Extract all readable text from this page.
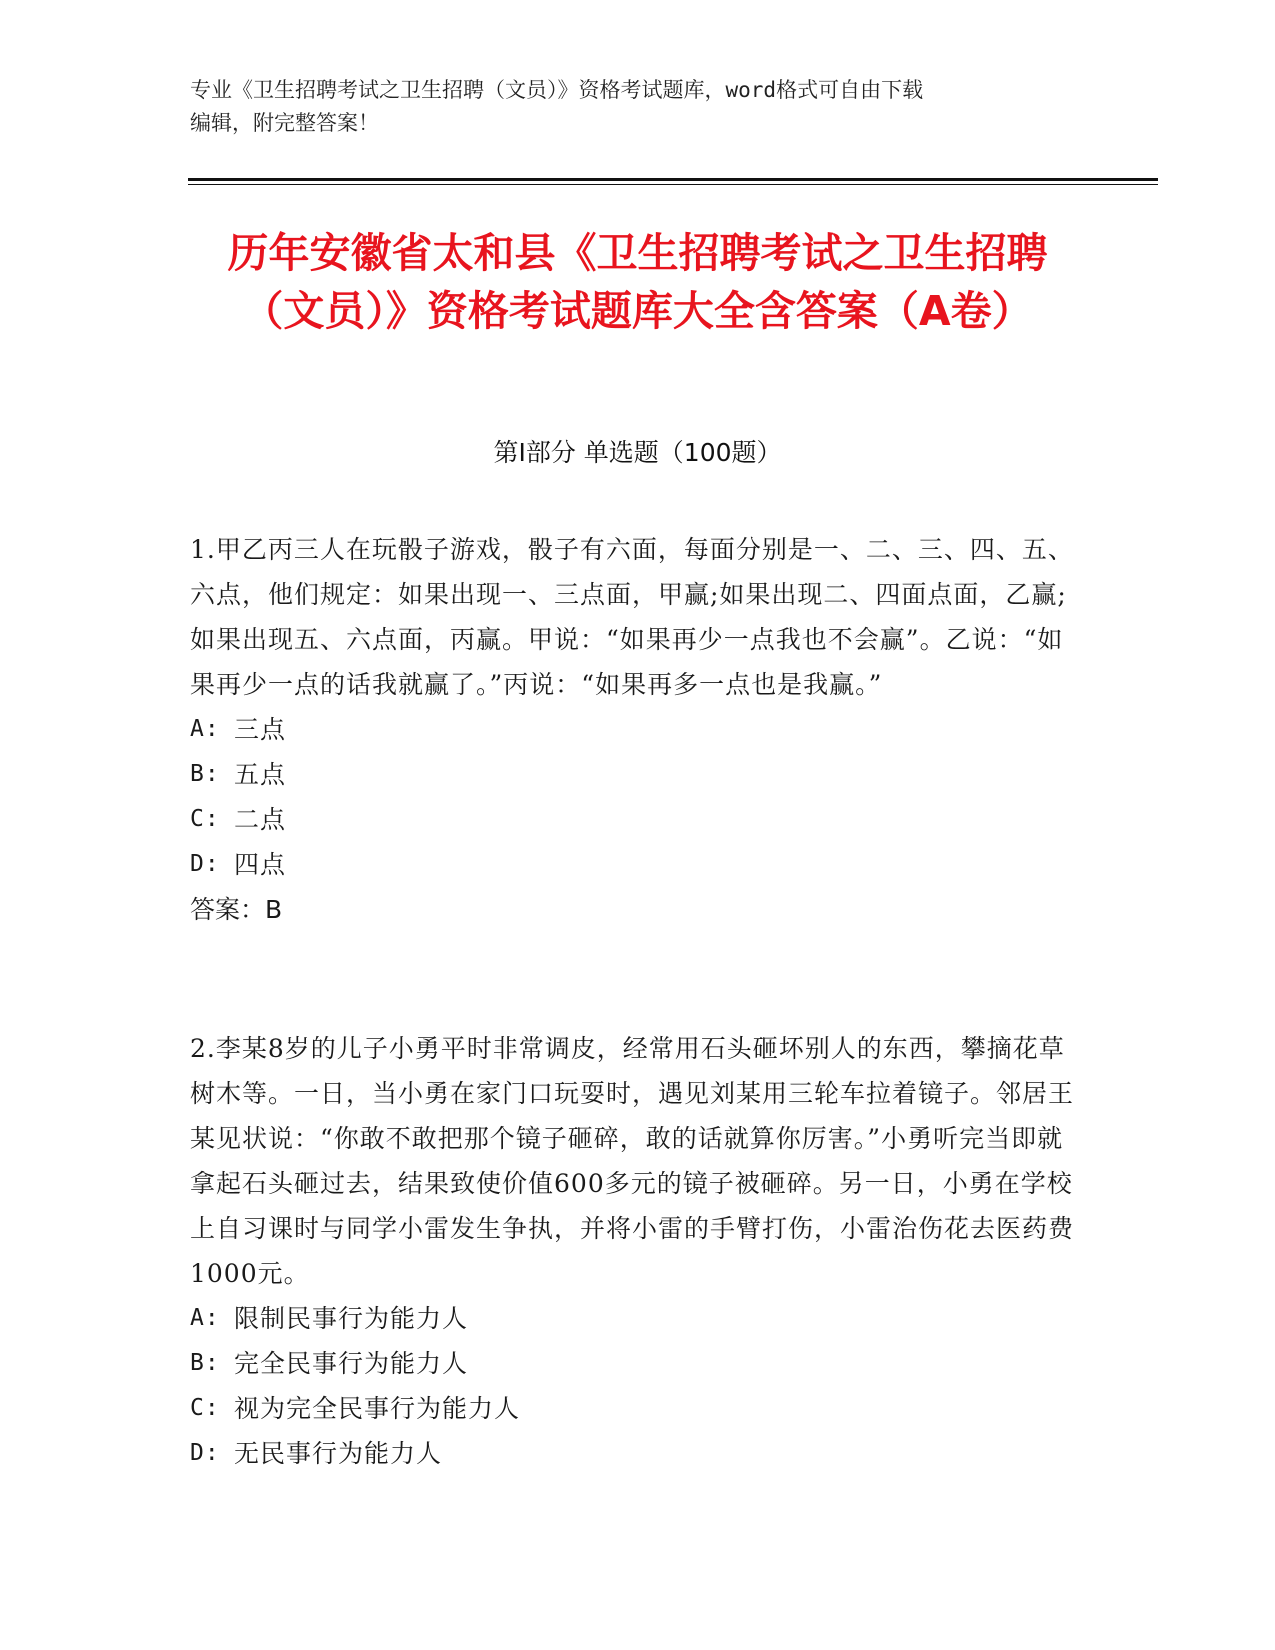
专业《卫生招聘考试之卫生招聘（文员）》资格考试题库，word格式可自由下载
编辑，附完整答案！
历年安徽省太和县《卫生招聘考试之卫生招聘（文员）》资格考试题库大全含答案（A卷）
第Ⅰ部分 单选题（100题）

1.甲乙丙三人在玩骰子游戏，骰子有六面，每面分别是一、二、三、四、五、六点，他们规定：如果出现一、三点面，甲赢;如果出现二、四面点面，乙赢;如果出现五、六点面，丙赢。甲说：“如果再少一点我也不会赢”。乙说：“如果再少一点的话我就赢了。”丙说：“如果再多一点也是我赢。”

A: 三点
B: 五点
C: 二点
D: 四点

答案：B

2.李某8岁的儿子小勇平时非常调皮，经常用石头砸坏别人的东西，攀摘花草树木等。一日，当小勇在家门口玩耍时，遇见刘某用三轮车拉着镜子。邻居王某见状说：“你敢不敢把那个镜子砸碎，敢的话就算你厉害。”小勇听完当即就拿起石头砸过去，结果致使价值600多元的镜子被砸碎。另一日，小勇在学校上自习课时与同学小雷发生争执，并将小雷的手臂打伤，小雷治伤花去医药费1000元。

A: 限制民事行为能力人
B: 完全民事行为能力人
C: 视为完全民事行为能力人
D: 无民事行为能力人
